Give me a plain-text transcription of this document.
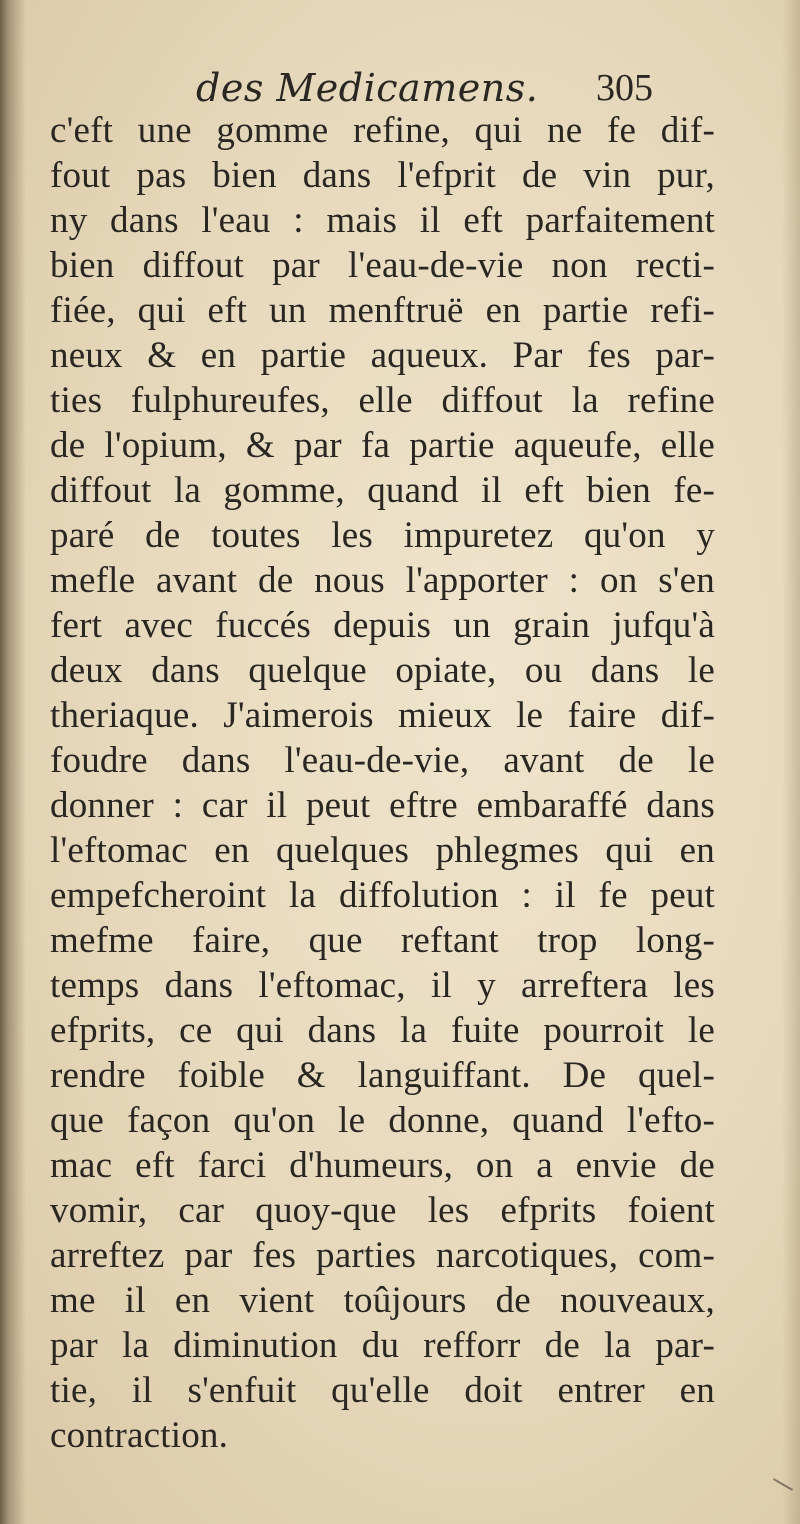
des Medicamens. 305
c'eft une gomme refine, qui ne fe dif-
fout pas bien dans l'efprit de vin pur,
ny dans l'eau : mais il eft parfaitement
bien diffout par l'eau-de-vie non recti-
fiée, qui eft un menftruë en partie refi-
neux & en partie aqueux. Par fes par-
ties fulphureufes, elle diffout la refine
de l'opium, & par fa partie aqueufe, elle
diffout la gomme, quand il eft bien fe-
paré de toutes les impuretez qu'on y
mefle avant de nous l'apporter : on s'en
fert avec fuccés depuis un grain jufqu'à
deux dans quelque opiate, ou dans le
theriaque. J'aimerois mieux le faire dif-
foudre dans l'eau-de-vie, avant de le
donner : car il peut eftre embaraffé dans
l'eftomac en quelques phlegmes qui en
empefcheroint la diffolution : il fe peut
mefme faire, que reftant trop long-
temps dans l'eftomac, il y arreftera les
efprits, ce qui dans la fuite pourroit le
rendre foible & languiffant. De quel-
que façon qu'on le donne, quand l'efto-
mac eft farci d'humeurs, on a envie de
vomir, car quoy-que les efprits foient
arreftez par fes parties narcotiques, com-
me il en vient toûjours de nouveaux,
par la diminution du refforr de la par-
tie, il s'enfuit qu'elle doit entrer en
contraction.
